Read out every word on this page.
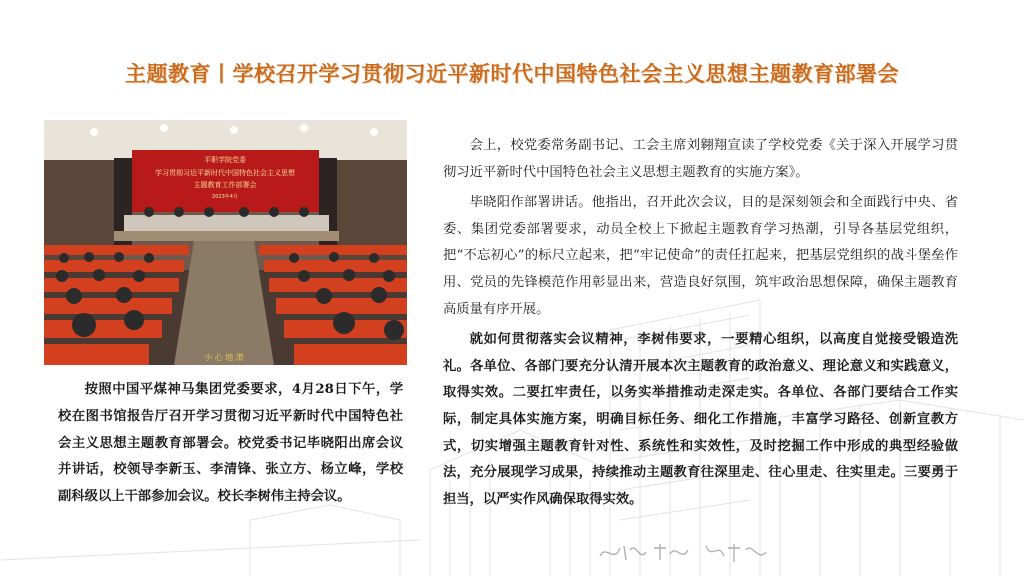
主题教育丨学校召开学习贯彻习近平新时代中国特色社会主义思想主题教育部署会
平职学院党委
学习贯彻习近平新时代中国特色社会主义思想
主题教育工作部署会
2023年4月
小 心 地 滑

按照中国平煤神马集团党委要求，4月28日下午，学校在图书馆报告厅召开学习贯彻习近平新时代中国特色社会主义思想主题教育部署会。校党委书记毕晓阳出席会议并讲话，校领导李新玉、李清锋、张立方、杨立峰，学校副科级以上干部参加会议。校长李树伟主持会议。

会上，校党委常务副书记、工会主席刘翱翔宣读了学校党委《关于深入开展学习贯彻习近平新时代中国特色社会主义思想主题教育的实施方案》。

毕晓阳作部署讲话。他指出，召开此次会议，目的是深刻领会和全面践行中央、省委、集团党委部署要求，动员全校上下掀起主题教育学习热潮，引导各基层党组织，把“不忘初心”的标尺立起来，把“牢记使命”的责任扛起来，把基层党组织的战斗堡垒作用、党员的先锋模范作用彰显出来，营造良好氛围，筑牢政治思想保障，确保主题教育高质量有序开展。

就如何贯彻落实会议精神，李树伟要求，一要精心组织，以高度自觉接受锻造洗礼。各单位、各部门要充分认清开展本次主题教育的政治意义、理论意义和实践意义，取得实效。二要扛牢责任，以务实举措推动走深走实。各单位、各部门要结合工作实际，制定具体实施方案，明确目标任务、细化工作措施，丰富学习路径、创新宣教方式，切实增强主题教育针对性、系统性和实效性，及时挖掘工作中形成的典型经验做法，充分展现学习成果，持续推动主题教育往深里走、往心里走、往实里走。三要勇于担当，以严实作风确保取得实效。
